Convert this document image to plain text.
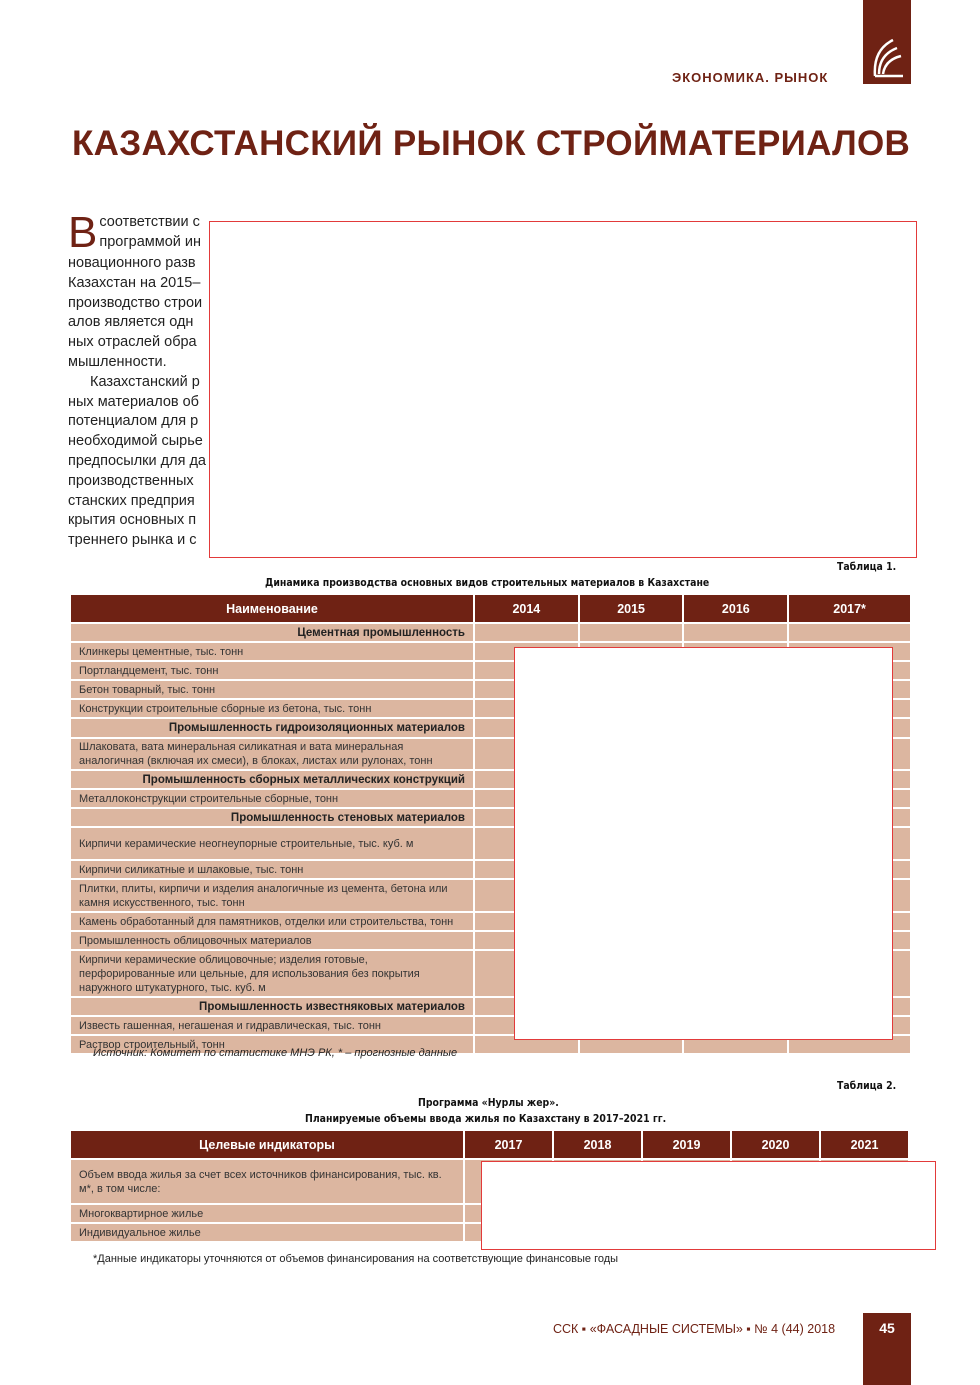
ЭКОНОМИКА. РЫНОК
КАЗАХСТАНСКИЙ РЫНОК СТРОЙМАТЕРИАЛОВ
В соответствии с
программой ин
новационного разв
Казахстан на 2015–
производство строи
алов является одн
ных отраслей обра
мышленности.
Казахстанский р
ных материалов об
потенциалом для р
необходимой сырье
предпосылки для да
производственных
станских предприя
крытия основных п
треннего рынка и с
Таблица 1.
Динамика производства основных видов строительных материалов в Казахстане
Наименование	2014	2015	2016	2017*
Цементная промышленность				
Клинкеры цементные, тыс. тонн				
Портландцемент, тыс. тонн				
Бетон товарный, тыс. тонн				
Конструкции строительные сборные из бетона, тыс. тонн				
Промышленность гидроизоляционных материалов				
Шлаковата, вата минеральная силикатная и вата минеральная аналогичная (включая их смеси), в блоках, листах или рулонах, тонн				
Промышленность сборных металлических конструкций				
Металлоконструкции строительные сборные, тонн				
Промышленность стеновых материалов				
Кирпичи керамические неогнеупорные строительные, тыс. куб. м				
Кирпичи силикатные и шлаковые, тыс. тонн				
Плитки, плиты, кирпичи и изделия аналогичные из цемента, бетона или камня искусственного, тыс. тонн				
Камень обработанный для памятников, отделки или строительства, тонн				
Промышленность облицовочных материалов				
Кирпичи керамические облицовочные; изделия готовые, перфорированные или цельные, для использования без покрытия наружного штукатурного, тыс. куб. м				
Промышленность известняковых материалов				
Известь гашенная, негашеная и гидравлическая, тыс. тонн				
Раствор строительный, тонн				
Источник: Комитет по статистике МНЭ РК, * – прогнозные данные
Таблица 2.
Программа «Нурлы жер».
Планируемые объемы ввода жилья по Казахстану в 2017–2021 гг.
Целевые индикаторы	2017	2018	2019	2020	2021
Объем ввода жилья за счет всех источников финансирования, тыс. кв. м*, в том числе:					
Многоквартирное жилье					
Индивидуальное жилье					
*Данные индикаторы уточняются от объемов финансирования на соответствующие финансовые годы
ССК ▪ «ФАСАДНЫЕ СИСТЕМЫ» ▪ № 4 (44) 2018	45
